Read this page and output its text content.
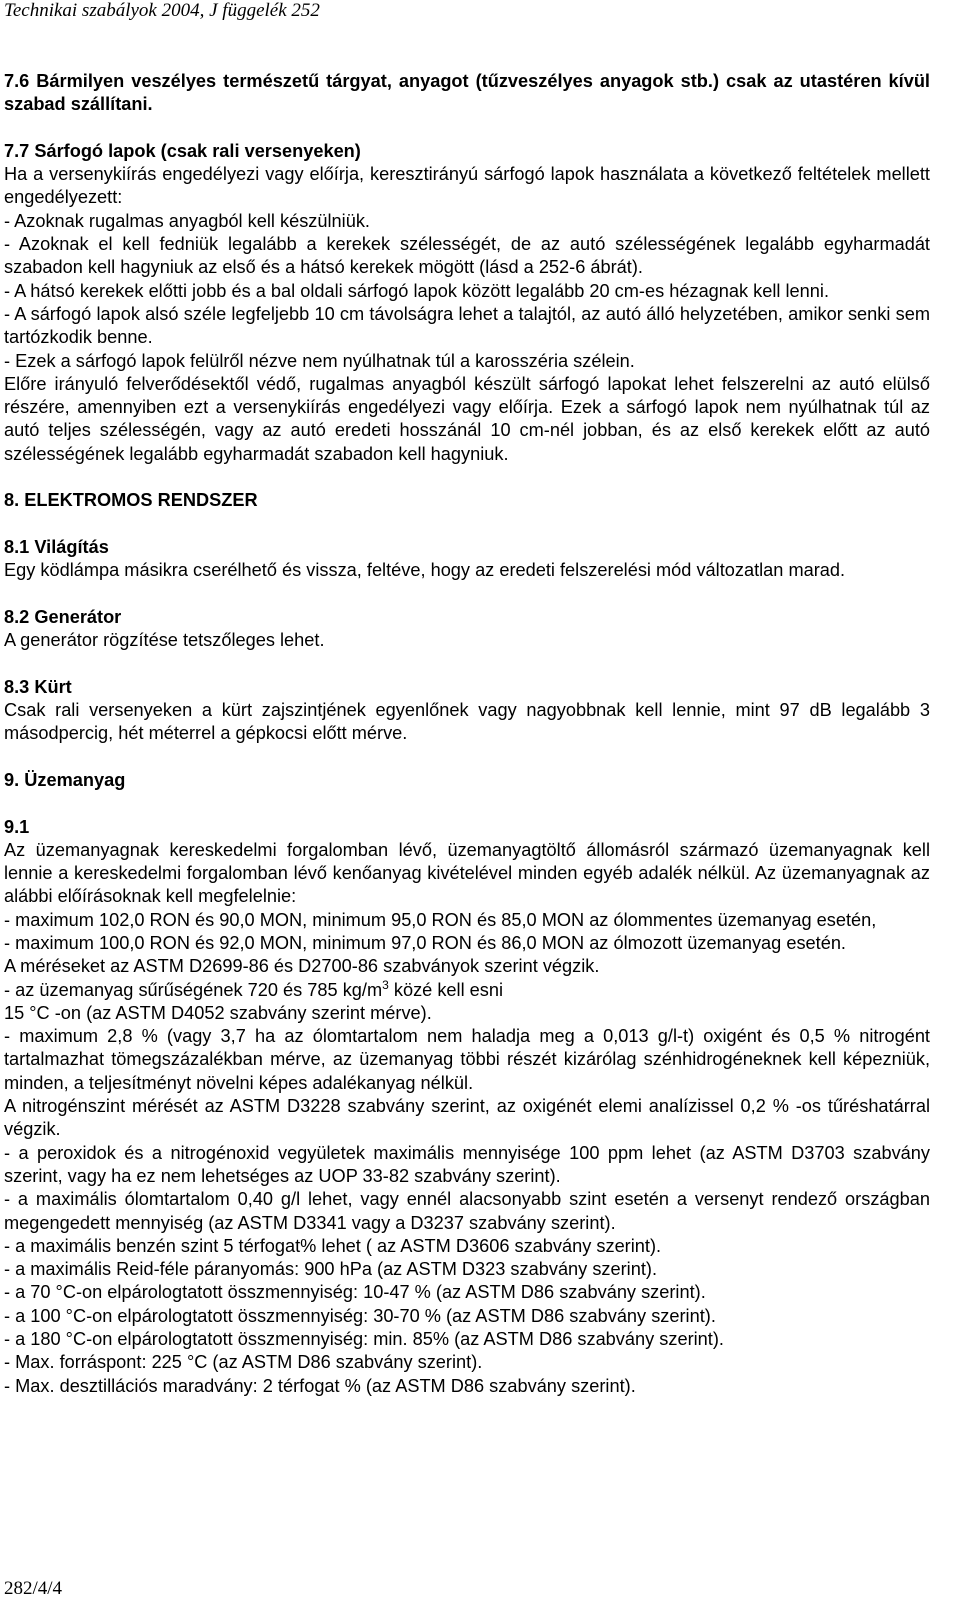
Technikai szabályok 2004, J függelék 252

7.6 Bármilyen veszélyes természetű tárgyat, anyagot (tűzveszélyes anyagok stb.) csak az utastéren kívül szabad szállítani.

7.7 Sárfogó lapok (csak rali versenyeken)

Ha a versenykiírás engedélyezi vagy előírja, keresztirányú sárfogó lapok használata a következő feltételek mellett engedélyezett:

- Azoknak rugalmas anyagból kell készülniük.

- Azoknak el kell fedniük legalább a kerekek szélességét, de az autó szélességének legalább egyharmadát szabadon kell hagyniuk az első és a hátsó kerekek mögött (lásd a 252-6 ábrát).

- A hátsó kerekek előtti jobb és a bal oldali sárfogó lapok között legalább 20 cm-es hézagnak kell lenni.

- A sárfogó lapok alsó széle legfeljebb 10 cm távolságra lehet a talajtól, az autó álló helyzetében, amikor senki sem tartózkodik benne.

- Ezek a sárfogó lapok felülről nézve nem nyúlhatnak túl a karosszéria szélein.

Előre irányuló felverődésektől védő, rugalmas anyagból készült sárfogó lapokat lehet felszerelni az autó elülső részére, amennyiben ezt a versenykiírás engedélyezi vagy előírja. Ezek a sárfogó lapok nem nyúlhatnak túl az autó teljes szélességén, vagy az autó eredeti hosszánál 10 cm-nél jobban, és az első kerekek előtt az autó szélességének legalább egyharmadát szabadon kell hagyniuk.

8. ELEKTROMOS RENDSZER

8.1 Világítás

Egy ködlámpa másikra cserélhető és vissza, feltéve, hogy az eredeti felszerelési mód változatlan marad.

8.2 Generátor

A generátor rögzítése tetszőleges lehet.

8.3 Kürt

Csak rali versenyeken a kürt zajszintjének egyenlőnek vagy nagyobbnak kell lennie, mint 97 dB legalább 3 másodpercig, hét méterrel a gépkocsi előtt mérve.

9. Üzemanyag

9.1

Az üzemanyagnak kereskedelmi forgalomban lévő, üzemanyagtöltő állomásról származó üzemanyagnak kell lennie a kereskedelmi forgalomban lévő kenőanyag kivételével minden egyéb adalék nélkül. Az üzemanyagnak az alábbi előírásoknak kell megfelelnie:

- maximum 102,0 RON és 90,0 MON, minimum 95,0 RON és 85,0 MON az ólommentes üzemanyag esetén,

- maximum 100,0 RON és 92,0 MON, minimum 97,0 RON és 86,0 MON az ólmozott üzemanyag esetén.

A méréseket az ASTM D2699-86 és D2700-86 szabványok szerint végzik.

- az üzemanyag sűrűségének 720 és 785 $kg/m^3$ közé kell esni

15 °C -on (az ASTM D4052 szabvány szerint mérve).

- maximum 2,8 % (vagy 3,7 ha az ólomtartalom nem haladja meg a 0,013 g/l-t) oxigént és 0,5 % nitrogént tartalmazhat tömegszázalékban mérve, az üzemanyag többi részét kizárólag szénhidrogéneknek kell képezniük, minden, a teljesítményt növelni képes adalékanyag nélkül.

A nitrogénszint mérését az ASTM D3228 szabvány szerint, az oxigénét elemi analízissel 0,2 % -os tűréshatárral végzik.

- a peroxidok és a nitrogénoxid vegyületek maximális mennyisége 100 ppm lehet (az ASTM D3703 szabvány szerint, vagy ha ez nem lehetséges az UOP 33-82 szabvány szerint).

- a maximális ólomtartalom 0,40 g/l lehet, vagy ennél alacsonyabb szint esetén a versenyt rendező országban megengedett mennyiség (az ASTM D3341 vagy a D3237 szabvány szerint).

- a maximális benzén szint 5 térfogat% lehet ( az ASTM D3606 szabvány szerint).

- a maximális Reid-féle páranyomás: 900 hPa (az ASTM D323 szabvány szerint).

- a 70 °C-on elpárologtatott összmennyiség: 10-47 % (az ASTM D86 szabvány szerint).

- a 100 °C-on elpárologtatott összmennyiség: 30-70 % (az ASTM D86 szabvány szerint).

- a 180 °C-on elpárologtatott összmennyiség: min. 85% (az ASTM D86 szabvány szerint).

- Max. forráspont: 225 °C (az ASTM D86 szabvány szerint).

- Max. desztillációs maradvány: 2 térfogat % (az ASTM D86 szabvány szerint).

282/4/4
